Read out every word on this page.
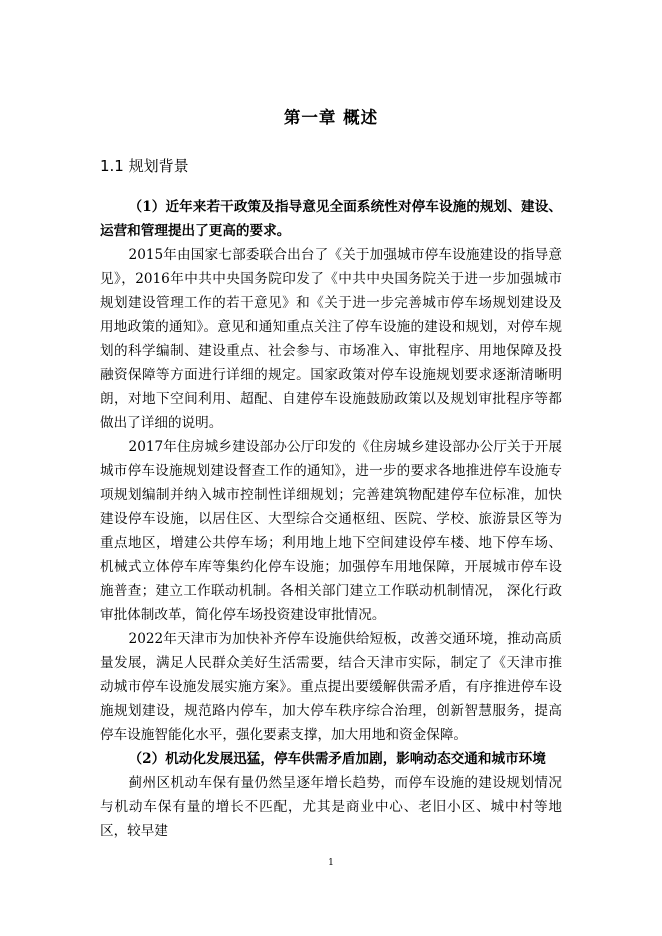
第一章 概述
1.1 规划背景

（1）近年来若干政策及指导意见全面系统性对停车设施的规划、建设、运营和管理提出了更高的要求。

2015年由国家七部委联合出台了《关于加强城市停车设施建设的指导意见》，2016年中共中央国务院印发了《中共中央国务院关于进一步加强城市规划建设管理工作的若干意见》和《关于进一步完善城市停车场规划建设及用地政策的通知》。意见和通知重点关注了停车设施的建设和规划，对停车规划的科学编制、建设重点、社会参与、市场准入、审批程序、用地保障及投融资保障等方面进行详细的规定。国家政策对停车设施规划要求逐渐清晰明朗，对地下空间利用、超配、自建停车设施鼓励政策以及规划审批程序等都做出了详细的说明。

2017年住房城乡建设部办公厅印发的《住房城乡建设部办公厅关于开展城市停车设施规划建设督查工作的通知》，进一步的要求各地推进停车设施专项规划编制并纳入城市控制性详细规划；完善建筑物配建停车位标准，加快建设停车设施，以居住区、大型综合交通枢纽、医院、学校、旅游景区等为重点地区，增建公共停车场；利用地上地下空间建设停车楼、地下停车场、机械式立体停车库等集约化停车设施；加强停车用地保障，开展城市停车设施普查；建立工作联动机制。各相关部门建立工作联动机制情况， 深化行政审批体制改革，简化停车场投资建设审批情况。

2022年天津市为加快补齐停车设施供给短板，改善交通环境，推动高质量发展，满足人民群众美好生活需要，结合天津市实际，制定了《天津市推动城市停车设施发展实施方案》。重点提出要缓解供需矛盾，有序推进停车设施规划建设，规范路内停车，加大停车秩序综合治理，创新智慧服务，提高停车设施智能化水平，强化要素支撑，加大用地和资金保障。

（2）机动化发展迅猛，停车供需矛盾加剧，影响动态交通和城市环境

蓟州区机动车保有量仍然呈逐年增长趋势，而停车设施的建设规划情况与机动车保有量的增长不匹配，尤其是商业中心、老旧小区、城中村等地区，较早建

1
